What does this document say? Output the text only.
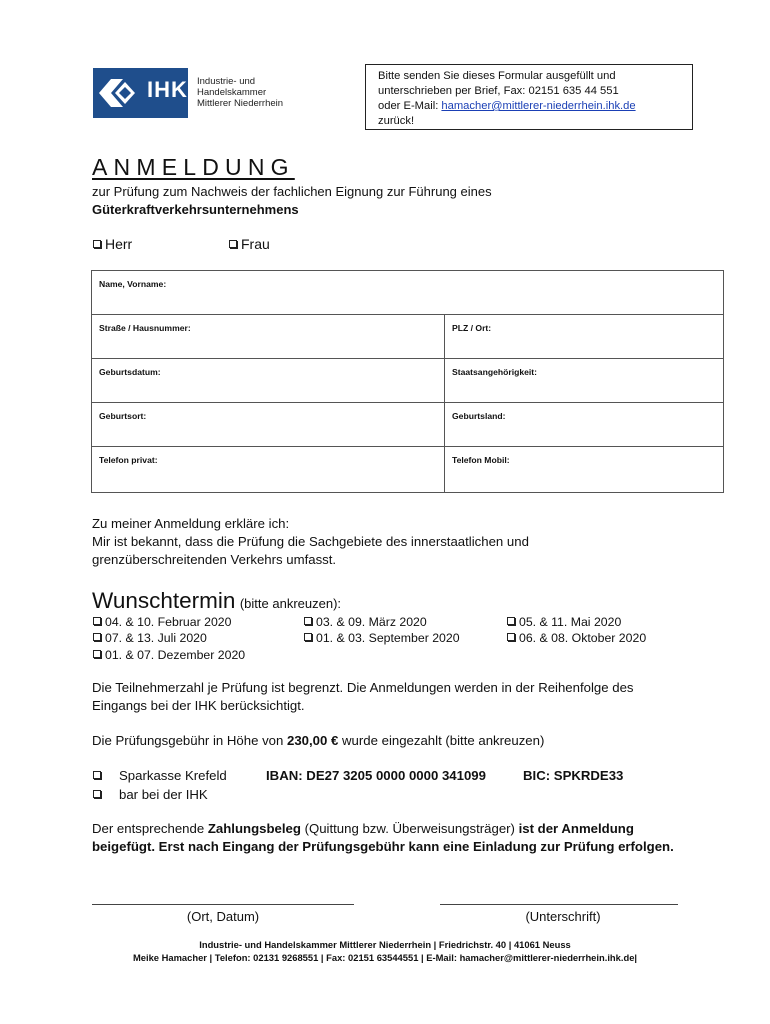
IHK Industrie- und Handelskammer
Mittlerer Niederrhein
Bitte senden Sie dieses Formular ausgefüllt und
unterschrieben per Brief, Fax: 02151 635 44 551
oder E-Mail: hamacher@mittlerer-niederrhein.ihk.de
zurück!
ANMELDUNG
zur Prüfung zum Nachweis der fachlichen Eignung zur Führung eines
Güterkraftverkehrsunternehmens
Herr	Frau
Name, Vorname:	
Straße / Hausnummer:	PLZ / Ort:
Geburtsdatum:	Staatsangehörigkeit:
Geburtsort:	Geburtsland:
Telefon privat:	Telefon Mobil:
Zu meiner Anmeldung erkläre ich:
Mir ist bekannt, dass die Prüfung die Sachgebiete des innerstaatlichen und
grenzüberschreitenden Verkehrs umfasst.
Wunschtermin (bitte ankreuzen):
04. & 10. Februar 2020	03. & 09. März 2020	05. & 11. Mai 2020
07. & 13. Juli 2020	01. & 03. September 2020	06. & 08. Oktober 2020
01. & 07. Dezember 2020
Die Teilnehmerzahl je Prüfung ist begrenzt. Die Anmeldungen werden in der Reihenfolge des
Eingangs bei der IHK berücksichtigt.
Die Prüfungsgebühr in Höhe von 230,00 € wurde eingezahlt (bitte ankreuzen)
Sparkasse Krefeld	IBAN: DE27 3205 0000 0000 341099	BIC: SPKRDE33
bar bei der IHK
Der entsprechende Zahlungsbeleg (Quittung bzw. Überweisungsträger) ist der Anmeldung
beigefügt. Erst nach Eingang der Prüfungsgebühr kann eine Einladung zur Prüfung erfolgen.
(Ort, Datum)	(Unterschrift)
Industrie- und Handelskammer Mittlerer Niederrhein | Friedrichstr. 40 | 41061 Neuss
Meike Hamacher | Telefon: 02131 9268551 | Fax: 02151 63544551 | E-Mail: hamacher@mittlerer-niederrhein.ihk.de|
